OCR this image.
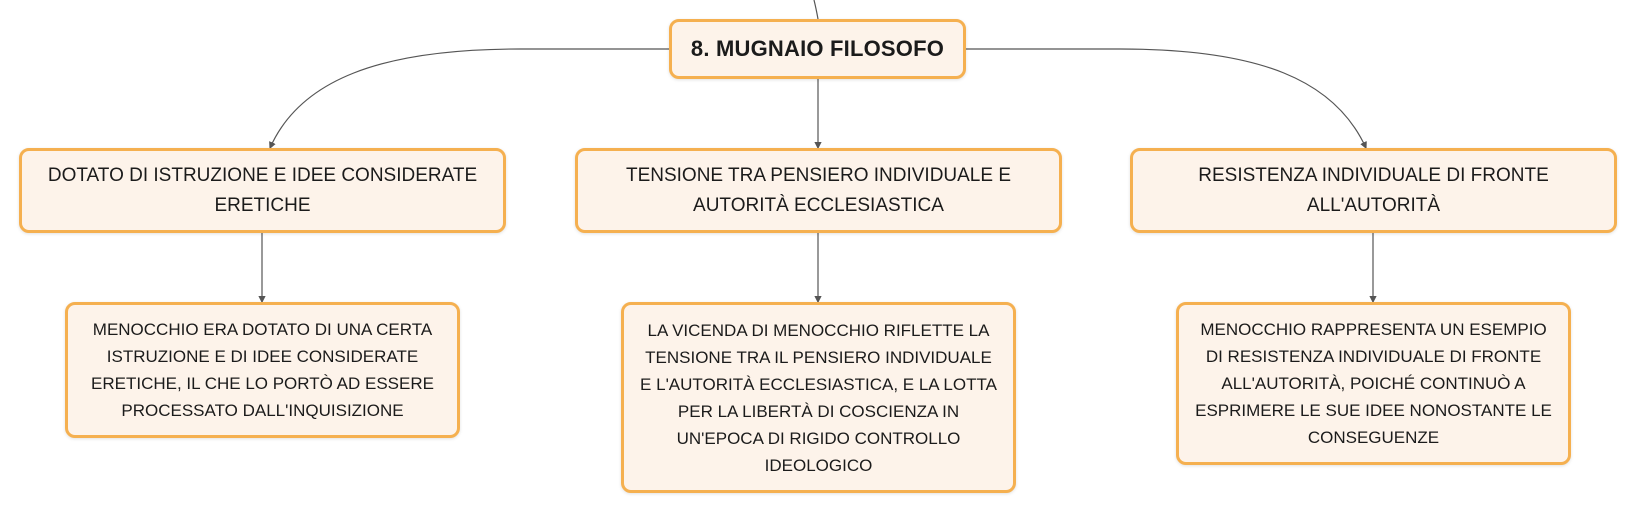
8. MUGNAIO FILOSOFO
DOTATO DI ISTRUZIONE E IDEE CONSIDERATE ERETICHE
TENSIONE TRA PENSIERO INDIVIDUALE E AUTORITÀ ECCLESIASTICA
RESISTENZA INDIVIDUALE DI FRONTE ALL'AUTORITÀ
MENOCCHIO ERA DOTATO DI UNA CERTA ISTRUZIONE E DI IDEE CONSIDERATE ERETICHE, IL CHE LO PORTÒ AD ESSERE PROCESSATO DALL'INQUISIZIONE
LA VICENDA DI MENOCCHIO RIFLETTE LA TENSIONE TRA IL PENSIERO INDIVIDUALE E L'AUTORITÀ ECCLESIASTICA, E LA LOTTA PER LA LIBERTÀ DI COSCIENZA IN UN'EPOCA DI RIGIDO CONTROLLO IDEOLOGICO
MENOCCHIO RAPPRESENTA UN ESEMPIO DI RESISTENZA INDIVIDUALE DI FRONTE ALL'AUTORITÀ, POICHÉ CONTINUÒ A ESPRIMERE LE SUE IDEE NONOSTANTE LE CONSEGUENZE
